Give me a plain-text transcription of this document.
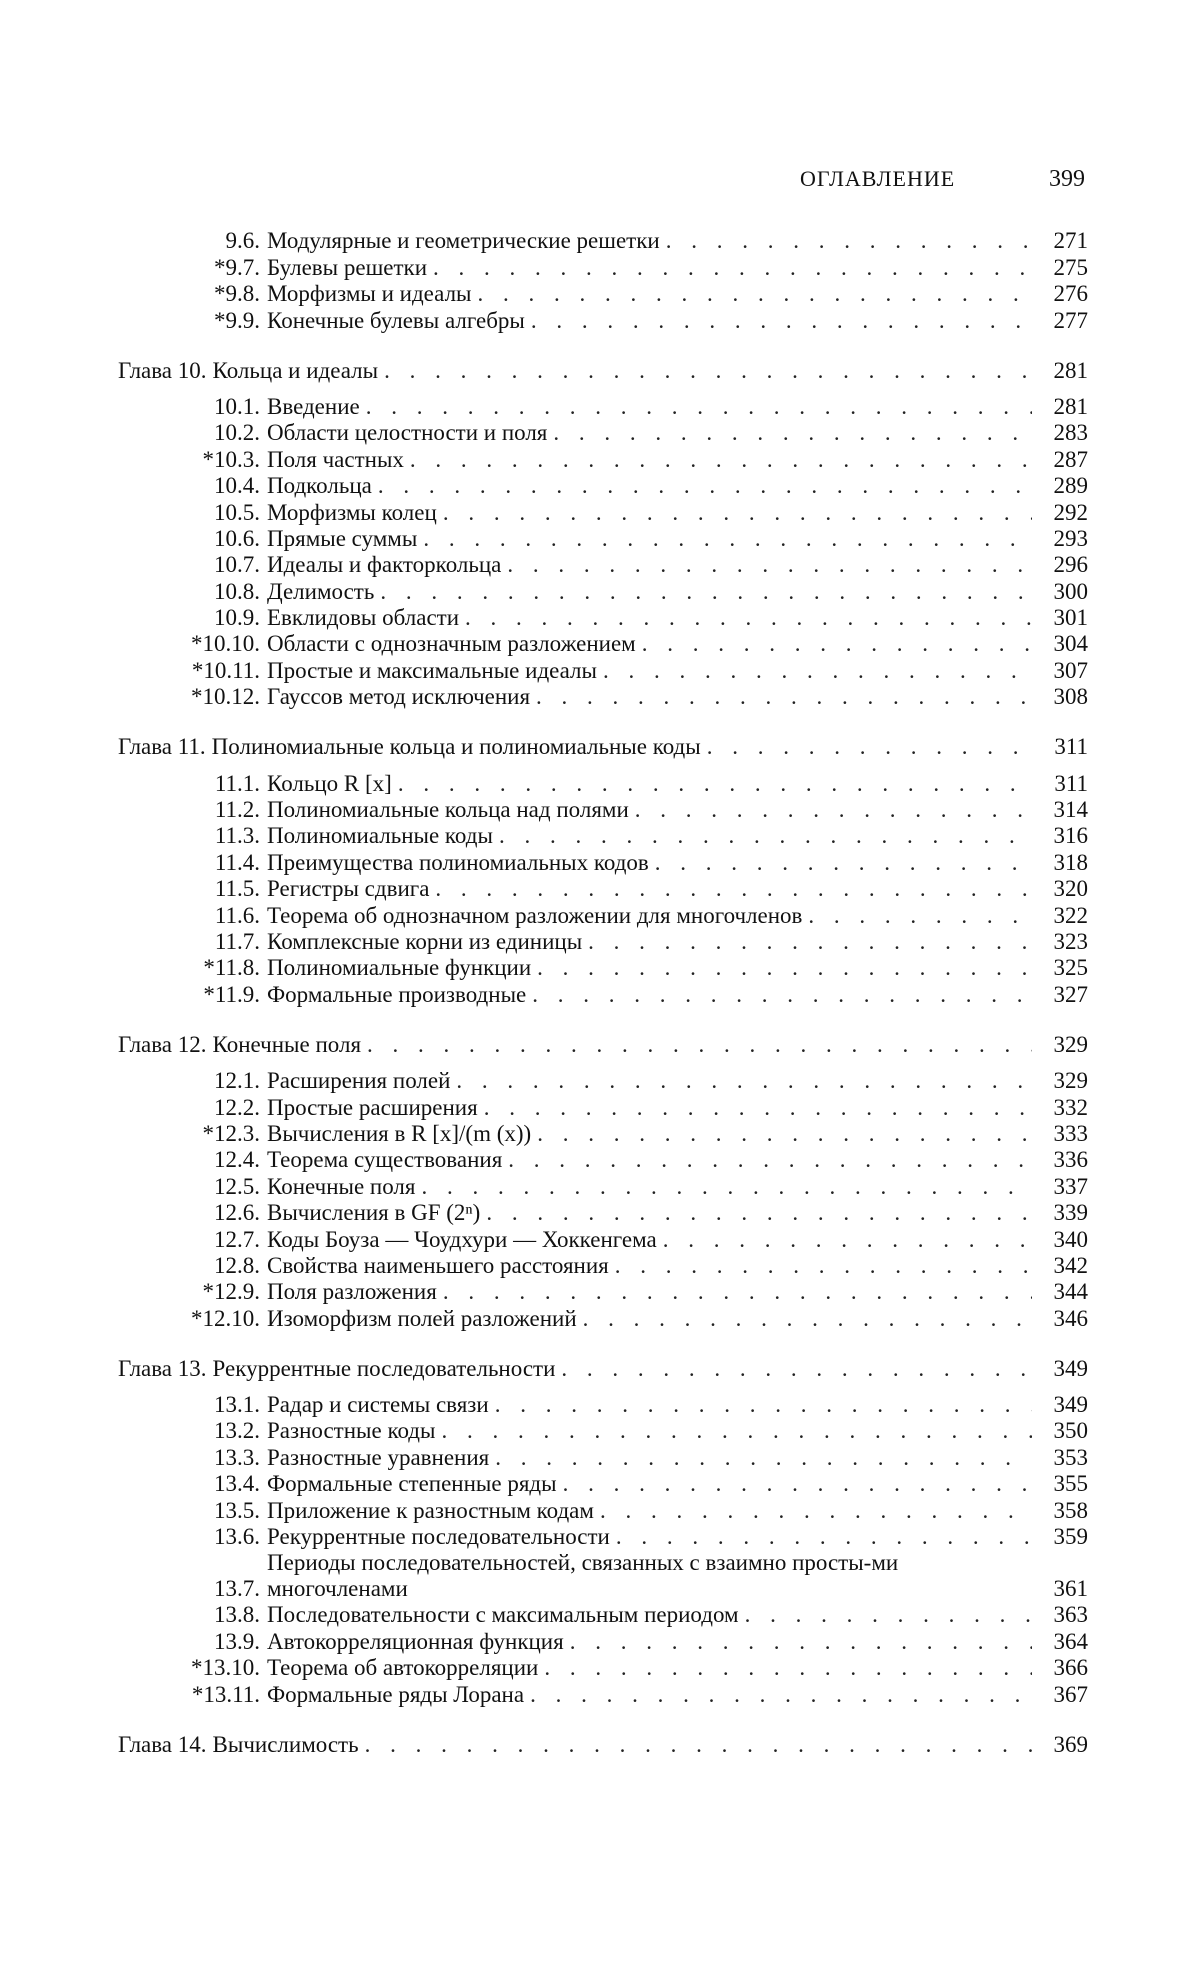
ОГЛАВЛЕНИЕ	399
9.6. Модулярные и геометрические решетки . . .	271
*9.7. Булевы решетки . . .	275
*9.8. Морфизмы и идеалы . . .	276
*9.9. Конечные булевы алгебры . . .	277
Глава 10. Кольца и идеалы . . .	281
10.1. Введение . . .	281
10.2. Области целостности и поля . . .	283
*10.3. Поля частных . . .	287
10.4. Подкольца . . .	289
10.5. Морфизмы колец . . .	292
10.6. Прямые суммы . . .	293
10.7. Идеалы и факторкольца . . .	296
10.8. Делимость . . .	300
10.9. Евклидовы области . . .	301
*10.10. Области с однозначным разложением . . .	304
*10.11. Простые и максимальные идеалы . . .	307
*10.12. Гауссов метод исключения . . .	308
Глава 11. Полиномиальные кольца и полиномиальные коды . . .	311
11.1. Кольцо R [x] . . .	311
11.2. Полиномиальные кольца над полями . . .	314
11.3. Полиномиальные коды . . .	316
11.4. Преимущества полиномиальных кодов . . .	318
11.5. Регистры сдвига . . .	320
11.6. Теорема об однозначном разложении для многочленов . . .	322
11.7. Комплексные корни из единицы . . .	323
*11.8. Полиномиальные функции . . .	325
*11.9. Формальные производные . . .	327
Глава 12. Конечные поля . . .	329
12.1. Расширения полей . . .	329
12.2. Простые расширения . . .	332
*12.3. Вычисления в R [x]/(m (x)) . . .	333
12.4. Теорема существования . . .	336
12.5. Конечные поля . . .	337
12.6. Вычисления в GF (2ⁿ) . . .	339
12.7. Коды Боуза — Чоудхури — Хоккенгема . . .	340
12.8. Свойства наименьшего расстояния . . .	342
*12.9. Поля разложения . . .	344
*12.10. Изоморфизм полей разложений . . .	346
Глава 13. Рекуррентные последовательности . . .	349
13.1. Радар и системы связи . . .	349
13.2. Разностные коды . . .	350
13.3. Разностные уравнения . . .	353
13.4. Формальные степенные ряды . . .	355
13.5. Приложение к разностным кодам . . .	358
13.6. Рекуррентные последовательности . . .	359
13.7.
Периоды последовательностей, связанных с взаимно просты-ми многочленами	361
13.8. Последовательности с максимальным периодом . . .	363
13.9. Автокорреляционная функция . . .	364
*13.10. Теорема об автокорреляции . . .	366
*13.11. Формальные ряды Лорана . . .	367
Глава 14. Вычислимость . . .	369
